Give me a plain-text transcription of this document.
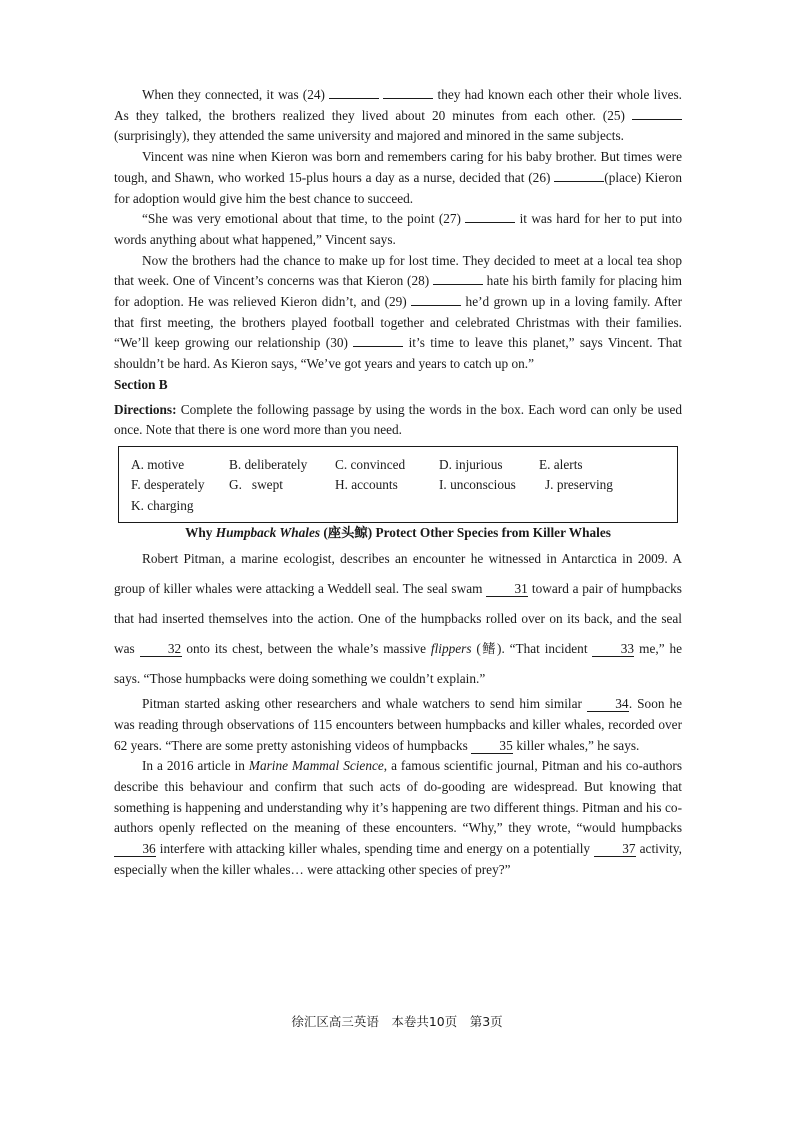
When they connected, it was (24)	they had known each other their whole lives. As they talked, the brothers realized they lived about 20 minutes from each other. (25) (surprisingly), they attended the same university and majored and minored in the same subjects.

Vincent was nine when Kieron was born and remembers caring for his baby brother. But times were tough, and Shawn, who worked 15-plus hours a day as a nurse, decided that (26)	(place) Kieron for adoption would give him the best chance to succeed.

“She was very emotional about that time, to the point (27)	it was hard for her to put into words anything about what happened,” Vincent says.

Now the brothers had the chance to make up for lost time. They decided to meet at a local tea shop that week. One of Vincent’s concerns was that Kieron (28)	hate his birth family for placing him for adoption. He was relieved Kieron didn’t, and (29)	he’d grown up in a loving family. After that first meeting, the brothers played football together and celebrated Christmas with their families. “We’ll keep growing our relationship (30)	it’s time to leave this planet,” says Vincent. That shouldn’t be hard. As Kieron says, “We’ve got years and years to catch up on.”

Section B

Directions: Complete the following passage by using the words in the box. Each word can only be used once. Note that there is one word more than you need.

A. motive	B. deliberately	C. convinced	D. injurious	E. alerts
F. desperately	G.   swept	H. accounts	I. unconscious	J. preserving
K. charging

Why Humpback Whales (座头鲸) Protect Other Species from Killer Whales

Robert Pitman, a marine ecologist, describes an encounter he witnessed in Antarctica in 2009. A group of killer whales were attacking a Weddell seal. The seal swam 31 toward a pair of humpbacks that had inserted themselves into the action. One of the humpbacks rolled over on its back, and the seal was 32 onto its chest, between the whale’s massive flippers (鳍). “That incident 33 me,” he says. “Those humpbacks were doing something we couldn’t explain.”

Pitman started asking other researchers and whale watchers to send him similar 34. Soon he was reading through observations of 115 encounters between humpbacks and killer whales, recorded over 62 years. “There are some pretty astonishing videos of humpbacks 35 killer whales,” he says.

In a 2016 article in Marine Mammal Science, a famous scientific journal, Pitman and his co-authors describe this behaviour and confirm that such acts of do-gooding are widespread. But knowing that something is happening and understanding why it’s happening are two different things. Pitman and his co-authors openly reflected on the meaning of these encounters. “Why,” they wrote, “would humpbacks 36 interfere with attacking killer whales, spending time and energy on a potentially 37 activity, especially when the killer whales… were attacking other species of prey?”

徐汇区高三英语　本卷共10页　第3页
